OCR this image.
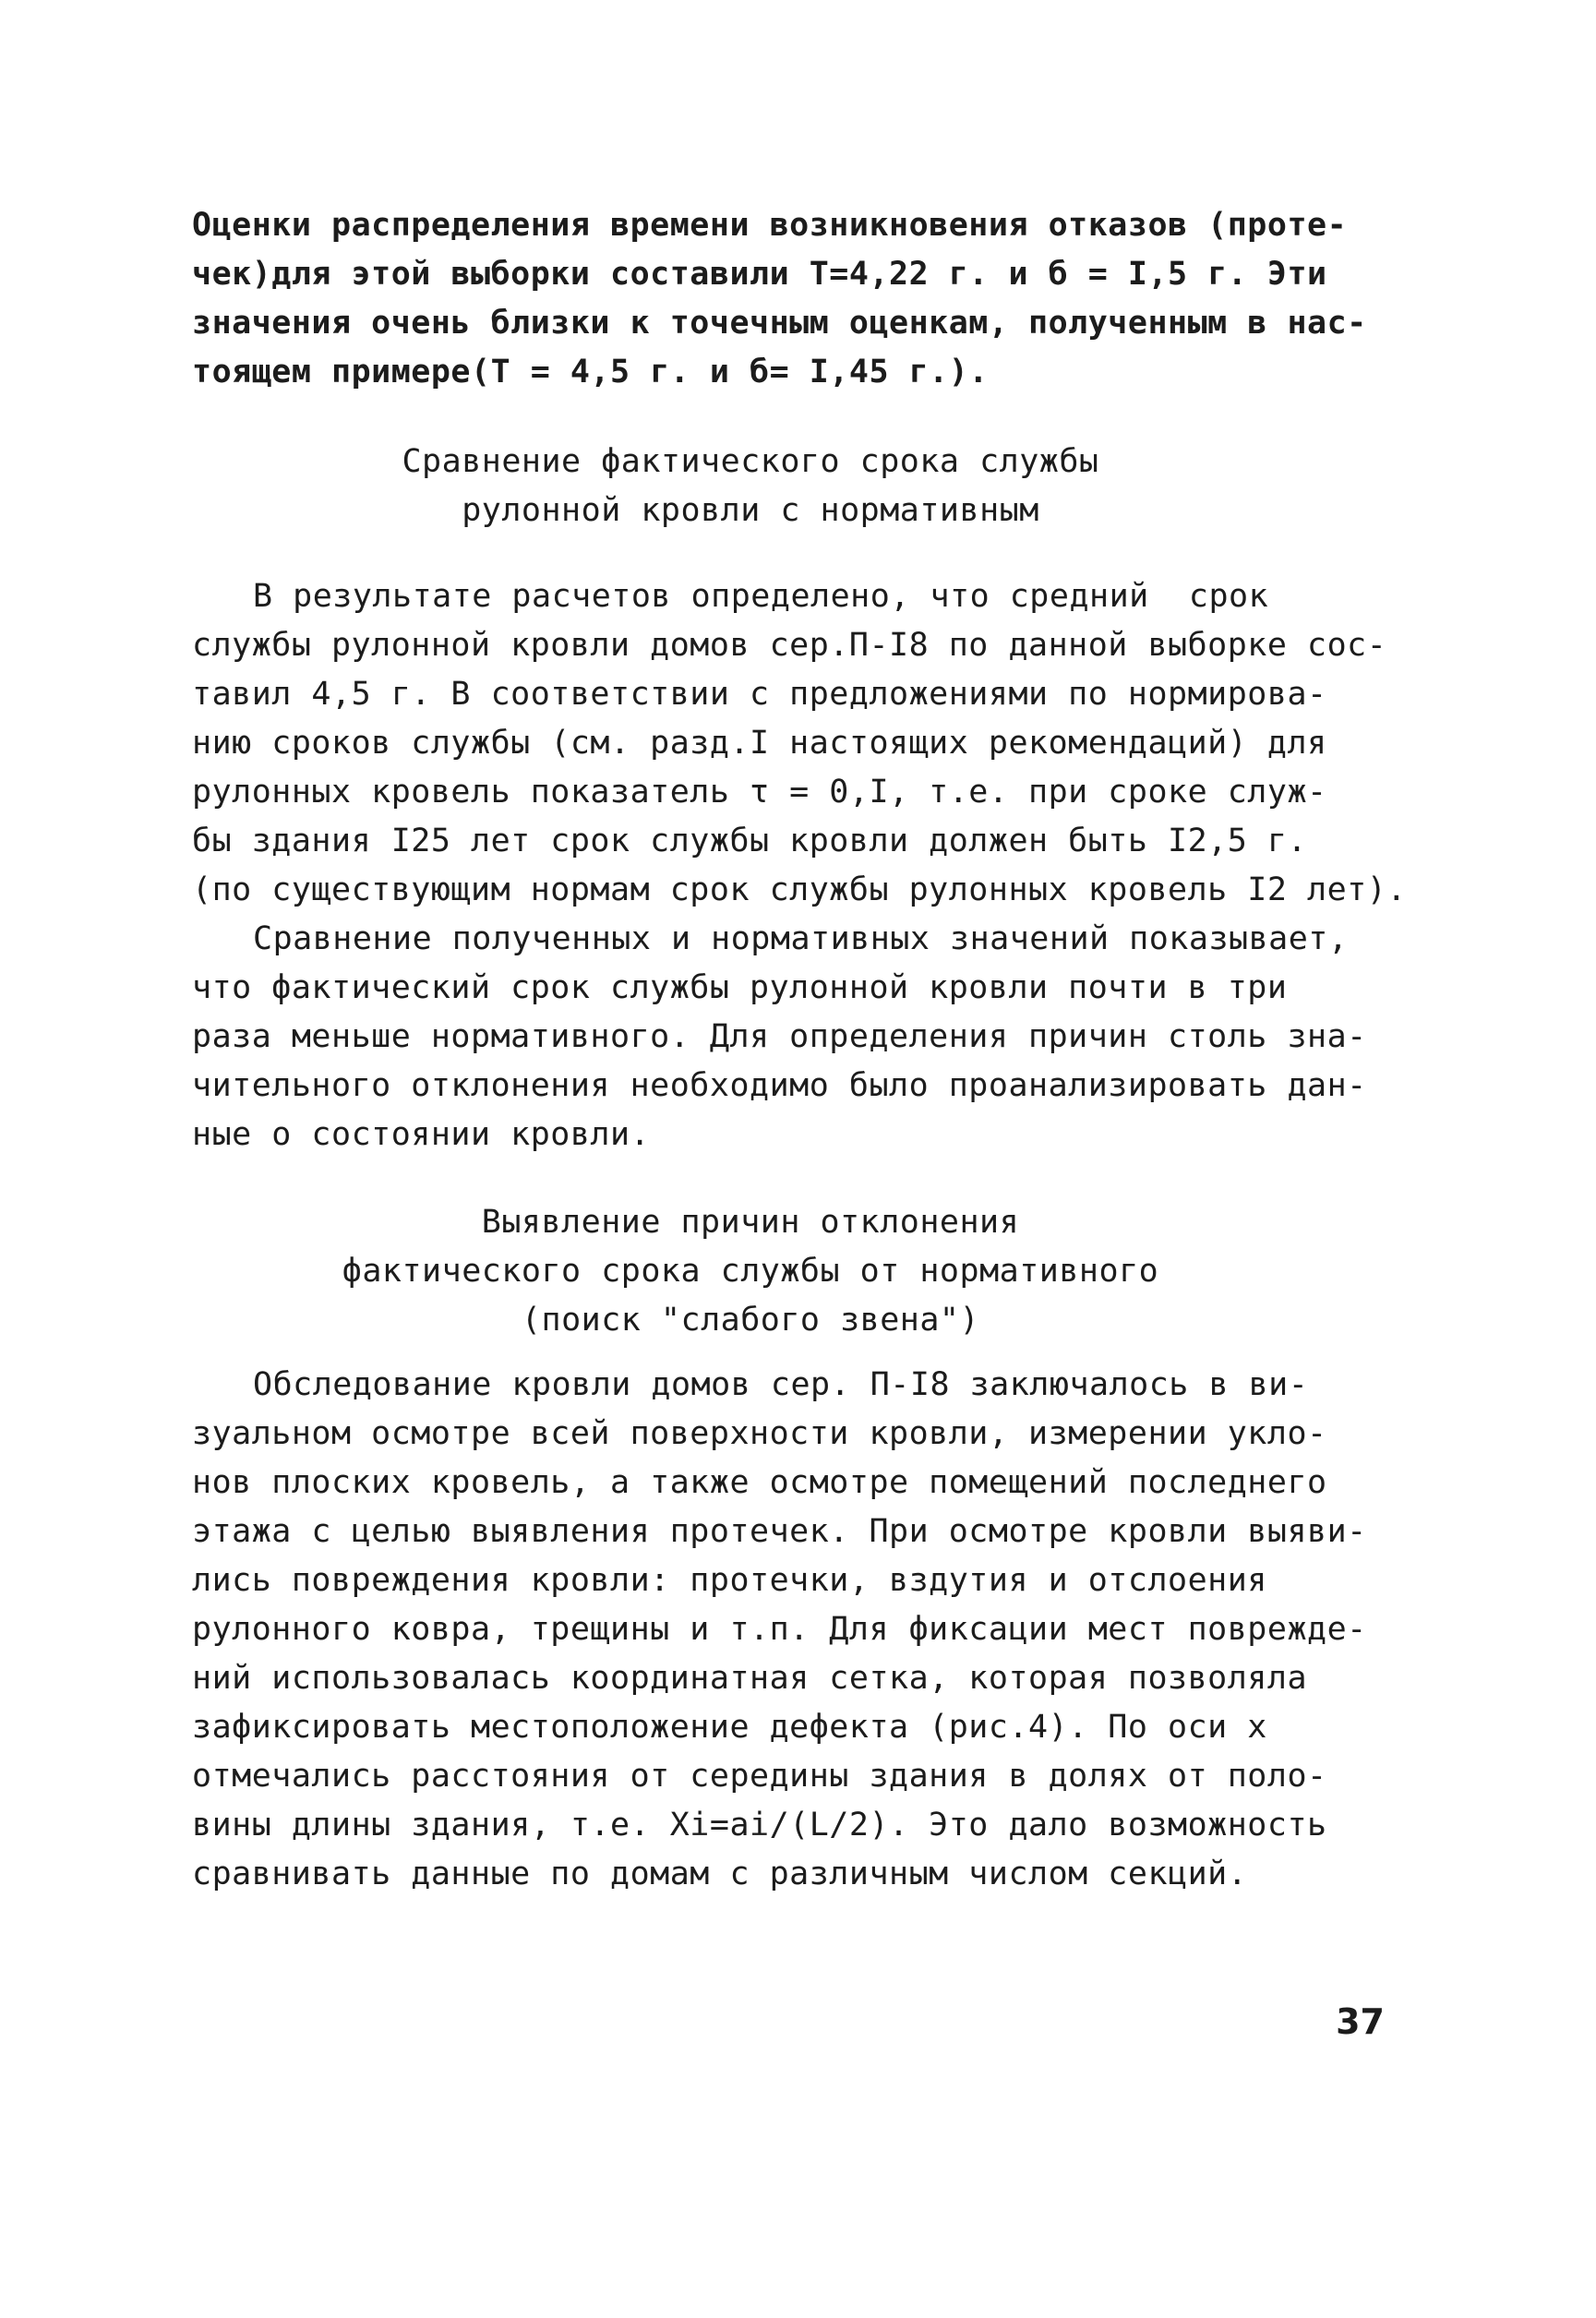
Оценки распределения времени возникновения отказов (проте-
чек)для этой выборки составили Т=4,22 г. и б = I,5 г. Эти
значения очень близки к точечным оценкам, полученным в нас-
тоящем примере(Т = 4,5 г. и б= I,45 г.).
Сравнение фактического срока службы
рулонной кровли с нормативным
В результате расчетов определено, что средний  срок
службы рулонной кровли домов сер.П-I8 по данной выборке сос-
тавил 4,5 г. В соответствии с предложениями по нормирова-
нию сроков службы (см. разд.I настоящих рекомендаций) для
рулонных кровель показатель τ = 0,I, т.е. при сроке служ-
бы здания I25 лет срок службы кровли должен быть I2,5 г.
(по существующим нормам срок службы рулонных кровель I2 лет).
Сравнение полученных и нормативных значений показывает,
что фактический срок службы рулонной кровли почти в три
раза меньше нормативного. Для определения причин столь зна-
чительного отклонения необходимо было проанализировать дан-
ные о состоянии кровли.
Выявление причин отклонения
фактического срока службы от нормативного
(поиск "слабого звена")
Обследование кровли домов сер. П-I8 заключалось в ви-
зуальном осмотре всей поверхности кровли, измерении укло-
нов плоских кровель, а также осмотре помещений последнего
этажа с целью выявления протечек. При осмотре кровли выяви-
лись повреждения кровли: протечки, вздутия и отслоения
рулонного ковра, трещины и т.п. Для фиксации мест поврежде-
ний использовалась координатная сетка, которая позволяла
зафиксировать местоположение дефекта (рис.4). По оси х
отмечались расстояния от середины здания в долях от поло-
вины длины здания, т.е. Хi=аi/(L/2). Это дало возможность
сравнивать данные по домам с различным числом секций.
37
